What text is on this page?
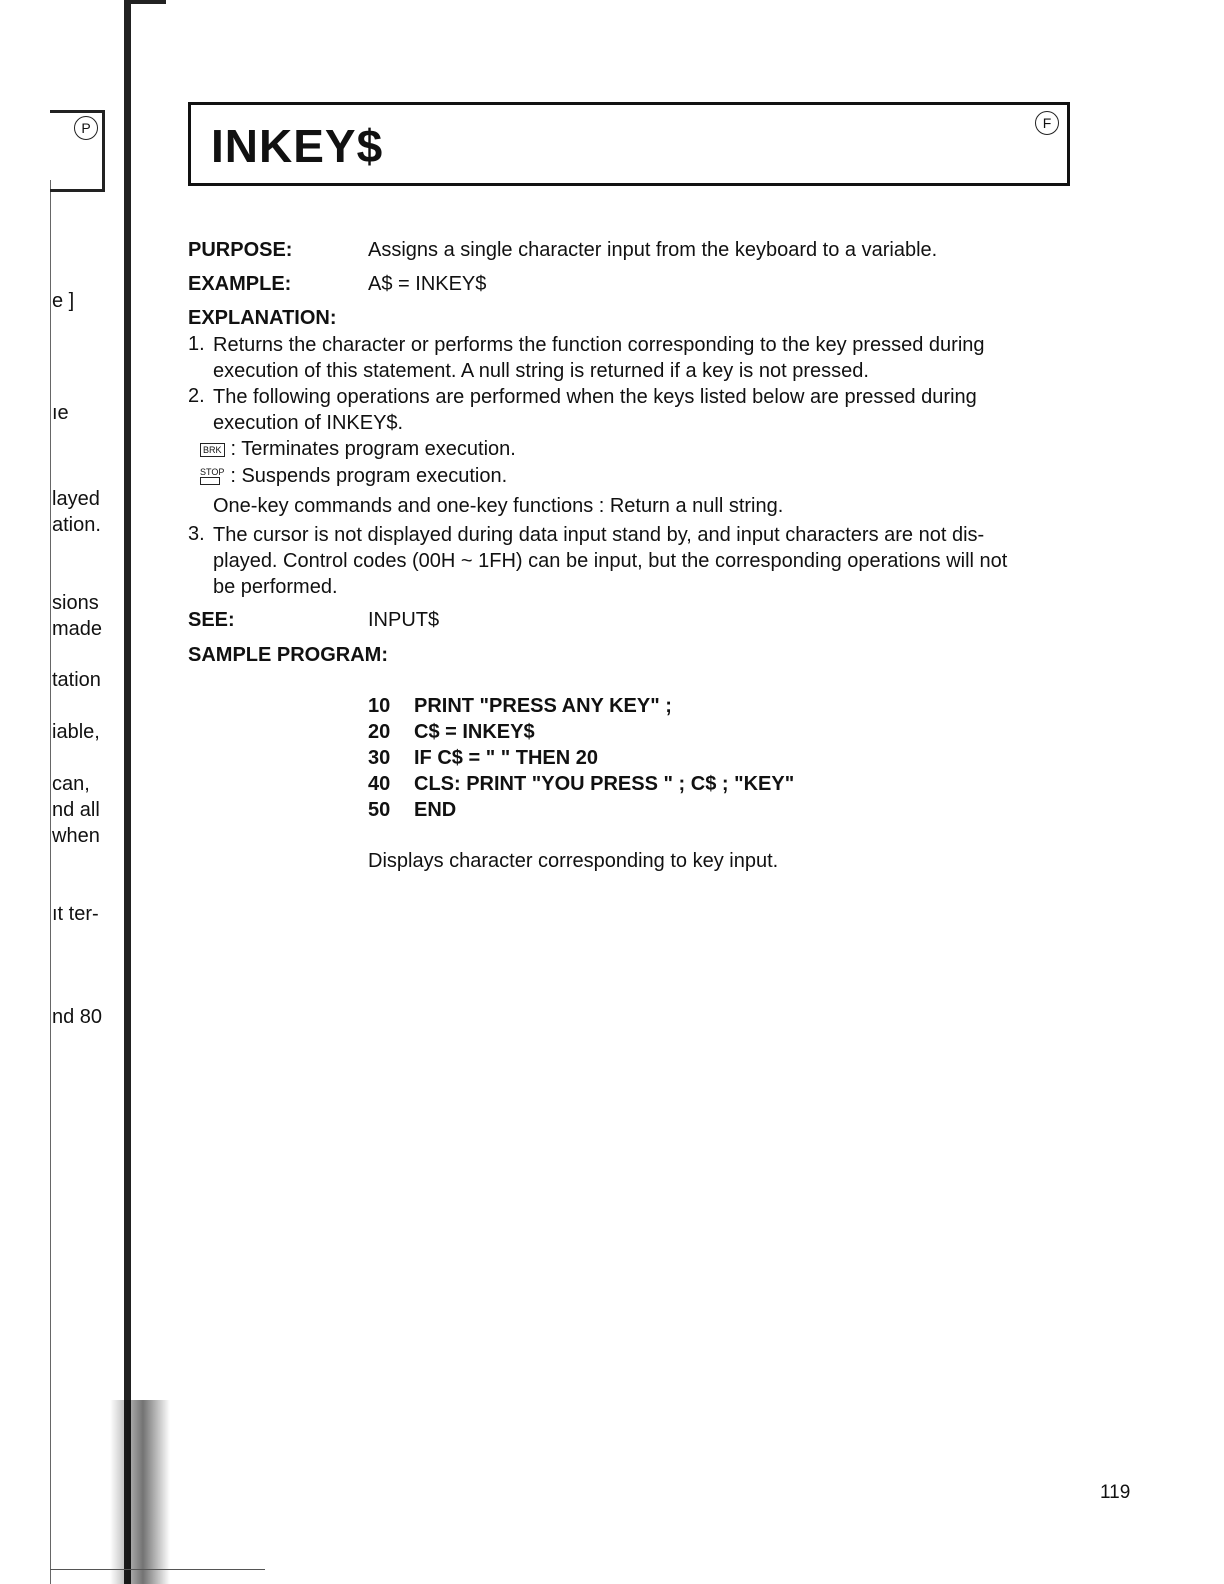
P
e ]
ıe
layed
ation.
sions
made
tation
iable,
can,
nd all
when
ıt ter-
nd 80
INKEY$	F
PURPOSE:	Assigns a single character input from the keyboard to a variable.
EXAMPLE:	A$ = INKEY$
EXPLANATION:
1. Returns the character or performs the function corresponding to the key pressed during
execution of this statement. A null string is returned if a key is not pressed.
2. The following operations are performed when the keys listed below are pressed during
execution of INKEY$.
BRK : Terminates program execution.
STOP : Suspends program execution.
One-key commands and one-key functions : Return a null string.
3. The cursor is not displayed during data input stand by, and input characters are not dis-
played. Control codes (00H ~ 1FH) can be input, but the corresponding operations will not
be performed.
SEE:	INPUT$
SAMPLE PROGRAM:
10 PRINT "PRESS ANY KEY" ;
20 C$ = INKEY$
30 IF C$ = " " THEN 20
40 CLS: PRINT "YOU PRESS " ; C$ ; "KEY"
50 END
Displays character corresponding to key input.
119
